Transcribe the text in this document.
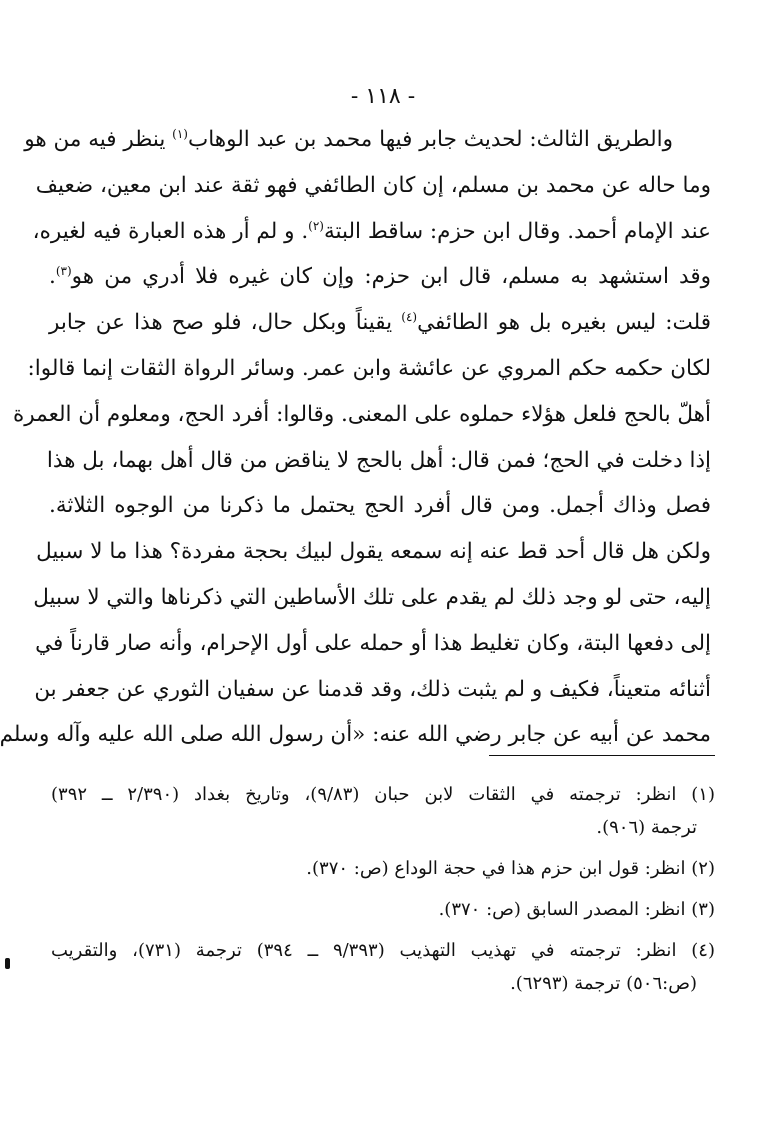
- ١١٨ -
والطريق الثالث: لحديث جابر فيها محمد بن عبد الوهاب$^{(١)}$ ينظر فيه من هو
وما حاله عن محمد بن مسلم، إن كان الطائفي فهو ثقة عند ابن معين، ضعيف
عند الإمام أحمد. وقال ابن حزم: ساقط البتة$^{(٢)}$. و لم أر هذه العبارة فيه لغيره،
وقد استشهد به مسلم، قال ابن حزم: وإن كان غيره فلا أدري من هو$^{(٣)}$.
قلت: ليس بغيره بل هو الطائفي$^{(٤)}$ يقيناً وبكل حال، فلو صح هذا عن جابر
لكان حكمه حكم المروي عن عائشة وابن عمر. وسائر الرواة الثقات إنما قالوا:
أهلّ بالحج فلعل هؤلاء حملوه على المعنى. وقالوا: أفرد الحج، ومعلوم أن العمرة
إذا دخلت في الحج؛ فمن قال: أهل بالحج لا يناقض من قال أهل بهما، بل هذا
فصل وذاك أجمل. ومن قال أفرد الحج يحتمل ما ذكرنا من الوجوه الثلاثة.
ولكن هل قال أحد قط عنه إنه سمعه يقول لبيك بحجة مفردة؟ هذا ما لا سبيل
إليه، حتى لو وجد ذلك لم يقدم على تلك الأساطين التي ذكرناها والتي لا سبيل
إلى دفعها البتة، وكان تغليط هذا أو حمله على أول الإحرام، وأنه صار قارناً في
أثنائه متعيناً، فكيف و لم يثبت ذلك، وقد قدمنا عن سفيان الثوري عن جعفر بن
محمد عن أبيه عن جابر رضي الله عنه: «أن رسول الله صلى الله عليه وآله وسلم
(١) انظر: ترجمته في الثقات لابن حبان (٩/٨٣)، وتاريخ بغداد (٢/٣٩٠ ــ ٣٩٢)
ترجمة (٩٠٦).
(٢) انظر: قول ابن حزم هذا في حجة الوداع (ص: ٣٧٠).
(٣) انظر: المصدر السابق (ص: ٣٧٠).
(٤) انظر: ترجمته في تهذيب التهذيب (٩/٣٩٣ ــ ٣٩٤) ترجمة (٧٣١)، والتقريب
(ص:٥٠٦) ترجمة (٦٢٩٣).
